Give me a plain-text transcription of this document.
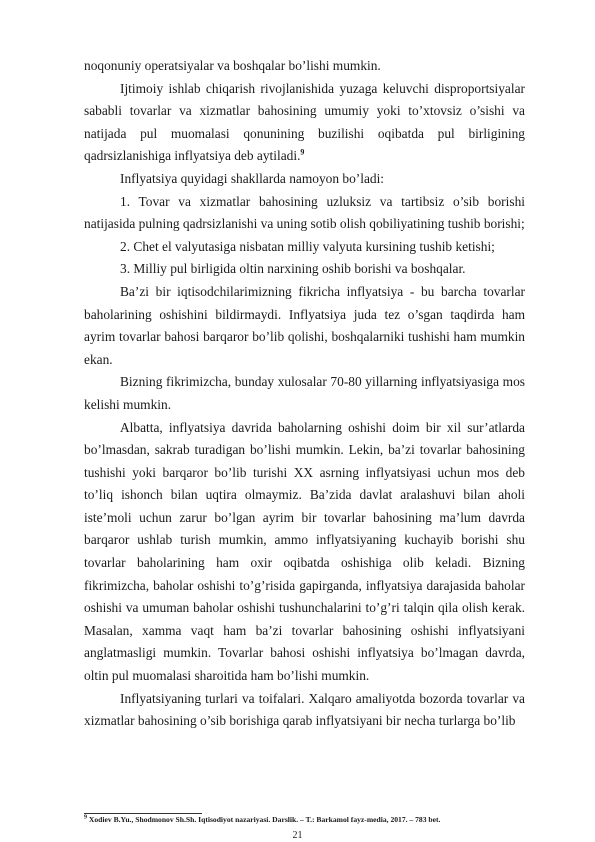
noqonuniy operatsiyalar va boshqalar bo’lishi mumkin.

Ijtimoiy ishlab chiqarish rivojlanishida yuzaga keluvchi disproportsiyalar sababli tovarlar va xizmatlar bahosining umumiy yoki to’xtovsiz o’sishi va natijada pul muomalasi qonunining buzilishi oqibatda pul birligining qadrsizlanishiga inflyatsiya deb aytiladi.$^9$

Inflyatsiya quyidagi shakllarda namoyon bo’ladi:

1. Tovar va xizmatlar bahosining uzluksiz va tartibsiz o’sib borishi natijasida pulning qadrsizlanishi va uning sotib olish qobiliyatining tushib borishi;

2. Chet el valyutasiga nisbatan milliy valyuta kursining tushib ketishi;

3. Milliy pul birligida oltin narxining oshib borishi va boshqalar.

Ba’zi bir iqtisodchilarimizning fikricha inflyatsiya - bu barcha tovarlar baholarining oshishini bildirmaydi. Inflyatsiya juda tez o’sgan taqdirda ham ayrim tovarlar bahosi barqaror bo’lib qolishi, boshqalarniki tushishi ham mumkin ekan.

Bizning fikrimizcha, bunday xulosalar 70-80 yillarning inflyatsiyasiga mos kelishi mumkin.

Albatta, inflyatsiya davrida baholarning oshishi doim bir xil sur’atlarda bo’lmasdan, sakrab turadigan bo’lishi mumkin. Lekin, ba’zi tovarlar bahosining tushishi yoki barqaror bo’lib turishi XX asrning inflyatsiyasi uchun mos deb to’liq ishonch bilan uqtira olmaymiz. Ba’zida davlat aralashuvi bilan aholi iste’moli uchun zarur bo’lgan ayrim bir tovarlar bahosining ma’lum davrda barqaror ushlab turish mumkin, ammo inflyatsiyaning kuchayib borishi shu tovarlar baholarining ham oxir oqibatda oshishiga olib keladi. Bizning fikrimizcha, baholar oshishi to’g’risida gapirganda, inflyatsiya darajasida baholar oshishi va umuman baholar oshishi tushunchalarini to’g’ri talqin qila olish kerak. Masalan, xamma vaqt ham ba’zi tovarlar bahosining oshishi inflyatsiyani anglatmasligi mumkin. Tovarlar bahosi oshishi inflyatsiya bo’lmagan davrda, oltin pul muomalasi sharoitida ham bo’lishi mumkin.

Inflyatsiyaning turlari va toifalari. Xalqaro amaliyotda bozorda tovarlar va xizmatlar bahosining o’sib borishiga qarab inflyatsiyani bir necha turlarga bo’lib

$^9$ Xodiev B.Yu., Shodmonov Sh.Sh. Iqtisodiyot nazariyasi. Darslik. – T.: Barkamol fayz-media, 2017. – 783 bet.
21
